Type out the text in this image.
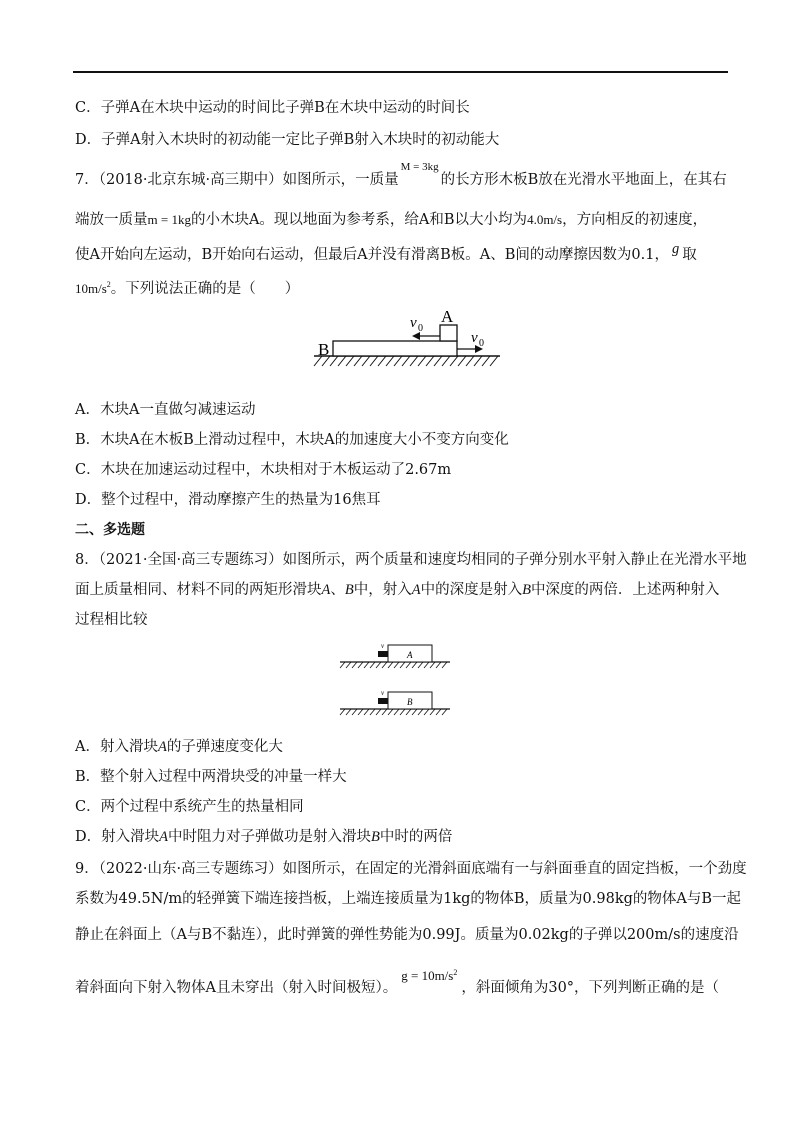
C．子弹A在木块中运动的时间比子弹B在木块中运动的时间长
D．子弹A射入木块时的初动能一定比子弹B射入木块时的初动能大
7．（2018·北京东城·高三期中）如图所示，一质量$^{M = 3kg}$的长方形木板B放在光滑水平地面上，在其右
端放一质量m = 1kg的小木块A。现以地面为参考系，给A和B以大小均为4.0m/s，方向相反的初速度，
使A开始向左运动，B开始向右运动，但最后A并没有滑离B板。A、B间的动摩擦因数为0.1， g 取
$10m/s^2$。下列说法正确的是（　　）
B
A
v 0
v 0
A．木块A一直做匀减速运动
B．木块A在木板B上滑动过程中，木块A的加速度大小不变方向变化
C．木块在加速运动过程中，木块相对于木板运动了2.67m
D．整个过程中，滑动摩擦产生的热量为16焦耳
二、多选题
8．（2021·全国·高三专题练习）如图所示，两个质量和速度均相同的子弹分别水平射入静止在光滑水平地
面上质量相同、材料不同的两矩形滑块A、B中，射入A中的深度是射入B中深度的两倍．上述两种射入
过程相比较
A
v
B
v
A．射入滑块A的子弹速度变化大
B．整个射入过程中两滑块受的冲量一样大
C．两个过程中系统产生的热量相同
D．射入滑块A中时阻力对子弹做功是射入滑块B中时的两倍
9．（2022·山东·高三专题练习）如图所示，在固定的光滑斜面底端有一与斜面垂直的固定挡板，一个劲度
系数为49.5N/m的轻弹簧下端连接挡板，上端连接质量为1kg的物体B，质量为0.98kg的物体A与B一起
静止在斜面上（A与B不黏连），此时弹簧的弹性势能为0.99J。质量为0.02kg的子弹以200m/s的速度沿
着斜面向下射入物体A且未穿出（射入时间极短）。$^{g = 10m/s^2}$，斜面倾角为30°，下列判断正确的是（
